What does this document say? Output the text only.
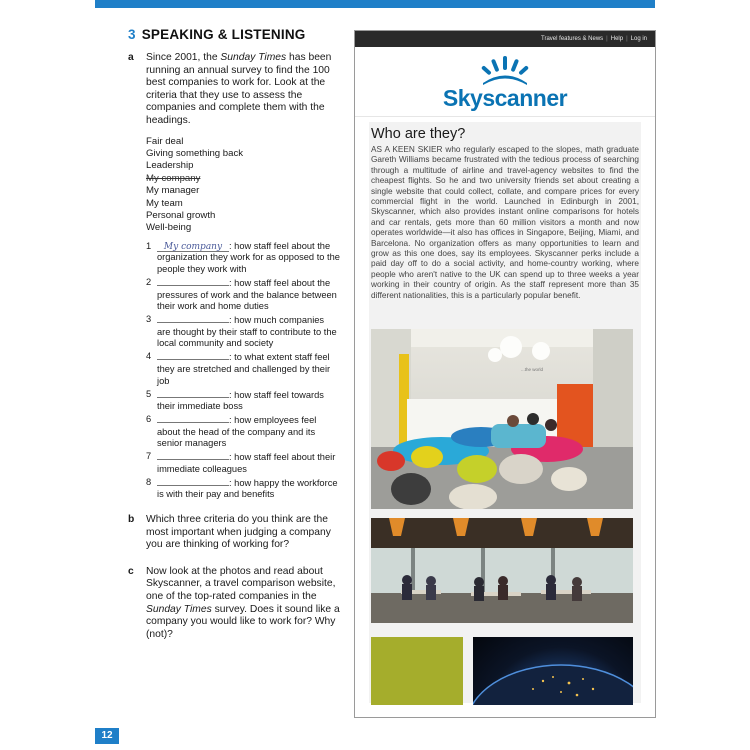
3 SPEAKING & LISTENING
a Since 2001, the Sunday Times has been running an annual survey to find the 100 best companies to work for. Look at the criteria that they use to assess the companies and complete them with the headings.
Fair deal
Giving something back
Leadership
My company
My manager
My team
Personal growth
Well-being
1 My company : how staff feel about the organization they work for as opposed to the people they work with
2	: how staff feel about the pressures of work and the balance between their work and home duties
3	: how much companies are thought by their staff to contribute to the local community and society
4	: to what extent staff feel they are stretched and challenged by their job
5	: how staff feel towards their immediate boss
6	: how employees feel about the head of the company and its senior managers
7	: how staff feel about their immediate colleagues
8	: how happy the workforce is with their pay and benefits
b Which three criteria do you think are the most important when judging a company you are thinking of working for?
c Now look at the photos and read about Skyscanner, a travel comparison website, one of the top-rated companies in the Sunday Times survey. Does it sound like a company you would like to work for? Why (not)?
Travel features & News | Help | Log in
Skyscanner
Who are they?
AS A KEEN SKIER who regularly escaped to the slopes, math graduate Gareth Williams became frustrated with the tedious process of searching through a multitude of airline and travel-agency websites to find the cheapest flights. So he and two university friends set about creating a single website that could collect, collate, and compare prices for every commercial flight in the world. Launched in Edinburgh in 2001, Skyscanner, which also provides instant online comparisons for hotels and car rentals, gets more than 60 million visitors a month and now operates worldwide—it also has offices in Singapore, Beijing, Miami, and Barcelona. No organization offers as many opportunities to learn and grow as this one does, say its employees. Skyscanner perks include a paid day off to do a social activity, and home-country working, where people who aren't native to the UK can spend up to three weeks a year working in their country of origin. As the staff represent more than 35 different nationalities, this is a particularly popular benefit.
...the world
12
